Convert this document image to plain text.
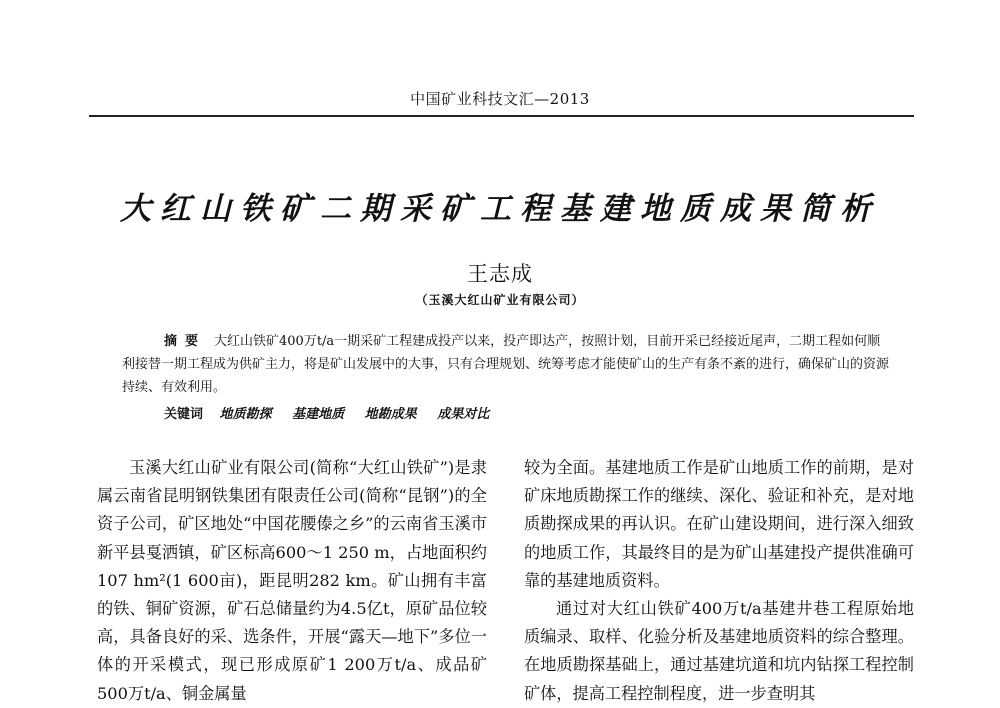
中国矿业科技文汇—2013
大红山铁矿二期采矿工程基建地质成果简析
王志成
（玉溪大红山矿业有限公司）

摘要 大红山铁矿400万t/a一期采矿工程建成投产以来，投产即达产，按照计划，目前开采已经接近尾声，二期工程如何顺利接替一期工程成为供矿主力，将是矿山发展中的大事，只有合理规划、统筹考虑才能使矿山的生产有条不紊的进行，确保矿山的资源持续、有效利用。

关键词 地质勘探 基建地质 地勘成果 成果对比

玉溪大红山矿业有限公司(简称“大红山铁矿”)是隶属云南省昆明钢铁集团有限责任公司(简称“昆钢”)的全资子公司，矿区地处“中国花腰傣之乡”的云南省玉溪市新平县戛洒镇，矿区标高600～1 250 m，占地面积约107 hm²(1 600亩)，距昆明282 km。矿山拥有丰富的铁、铜矿资源，矿石总储量约为4.5亿t，原矿品位较高，具备良好的采、选条件，开展“露天—地下”多位一体的开采模式，现已形成原矿1 200万t/a、成品矿500万t/a、铜金属量

较为全面。基建地质工作是矿山地质工作的前期，是对矿床地质勘探工作的继续、深化、验证和补充，是对地质勘探成果的再认识。在矿山建设期间，进行深入细致的地质工作，其最终目的是为矿山基建投产提供准确可靠的基建地质资料。

通过对大红山铁矿400万t/a基建井巷工程原始地质编录、取样、化验分析及基建地质资料的综合整理。在地质勘探基础上，通过基建坑道和坑内钻探工程控制矿体，提高工程控制程度，进一步查明其
